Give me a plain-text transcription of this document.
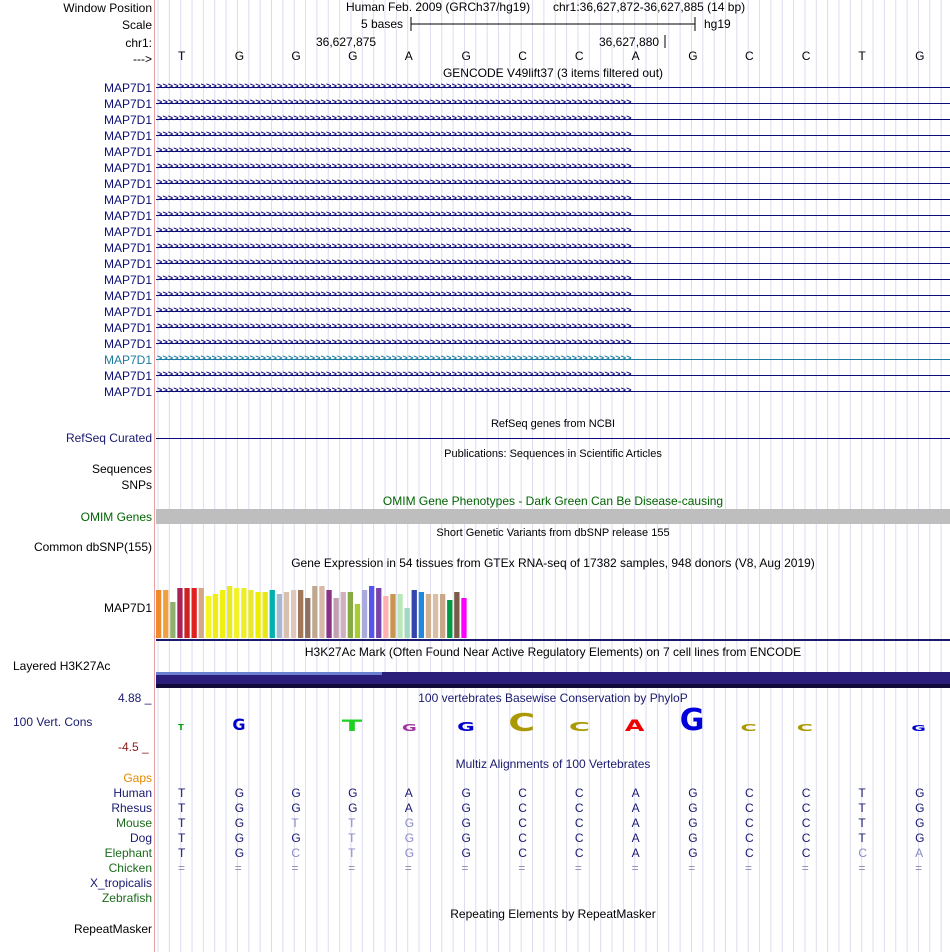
Window Position
Scale
chr1:
--->
Human Feb. 2009 (GRCh37/hg19) chr1:36,627,872-36,627,885 (14 bp)
5 bases	hg19
36,627,875	36,627,880
T	G	G	G	A	G	C	C	A	G	C	C	T	G
GENCODE V49lift37 (3 items filtered out)
MAP7D1 >>>>>>>>>>>>>>>>>>>>>>>>>>>>>>>>>>>>>>>>>>>>>>>>>>>>>>>>>>>>>>>>>>>>>>>>>>>>>>>>>>>>>>>
MAP7D1 >>>>>>>>>>>>>>>>>>>>>>>>>>>>>>>>>>>>>>>>>>>>>>>>>>>>>>>>>>>>>>>>>>>>>>>>>>>>>>>>>>>>>>>
MAP7D1 >>>>>>>>>>>>>>>>>>>>>>>>>>>>>>>>>>>>>>>>>>>>>>>>>>>>>>>>>>>>>>>>>>>>>>>>>>>>>>>>>>>>>>>
MAP7D1 >>>>>>>>>>>>>>>>>>>>>>>>>>>>>>>>>>>>>>>>>>>>>>>>>>>>>>>>>>>>>>>>>>>>>>>>>>>>>>>>>>>>>>>
MAP7D1 >>>>>>>>>>>>>>>>>>>>>>>>>>>>>>>>>>>>>>>>>>>>>>>>>>>>>>>>>>>>>>>>>>>>>>>>>>>>>>>>>>>>>>>
MAP7D1 >>>>>>>>>>>>>>>>>>>>>>>>>>>>>>>>>>>>>>>>>>>>>>>>>>>>>>>>>>>>>>>>>>>>>>>>>>>>>>>>>>>>>>>
MAP7D1 >>>>>>>>>>>>>>>>>>>>>>>>>>>>>>>>>>>>>>>>>>>>>>>>>>>>>>>>>>>>>>>>>>>>>>>>>>>>>>>>>>>>>>>
MAP7D1 >>>>>>>>>>>>>>>>>>>>>>>>>>>>>>>>>>>>>>>>>>>>>>>>>>>>>>>>>>>>>>>>>>>>>>>>>>>>>>>>>>>>>>>
MAP7D1 >>>>>>>>>>>>>>>>>>>>>>>>>>>>>>>>>>>>>>>>>>>>>>>>>>>>>>>>>>>>>>>>>>>>>>>>>>>>>>>>>>>>>>>
MAP7D1 >>>>>>>>>>>>>>>>>>>>>>>>>>>>>>>>>>>>>>>>>>>>>>>>>>>>>>>>>>>>>>>>>>>>>>>>>>>>>>>>>>>>>>>
MAP7D1 >>>>>>>>>>>>>>>>>>>>>>>>>>>>>>>>>>>>>>>>>>>>>>>>>>>>>>>>>>>>>>>>>>>>>>>>>>>>>>>>>>>>>>>
MAP7D1 >>>>>>>>>>>>>>>>>>>>>>>>>>>>>>>>>>>>>>>>>>>>>>>>>>>>>>>>>>>>>>>>>>>>>>>>>>>>>>>>>>>>>>>
MAP7D1 >>>>>>>>>>>>>>>>>>>>>>>>>>>>>>>>>>>>>>>>>>>>>>>>>>>>>>>>>>>>>>>>>>>>>>>>>>>>>>>>>>>>>>>
MAP7D1 >>>>>>>>>>>>>>>>>>>>>>>>>>>>>>>>>>>>>>>>>>>>>>>>>>>>>>>>>>>>>>>>>>>>>>>>>>>>>>>>>>>>>>>
MAP7D1 >>>>>>>>>>>>>>>>>>>>>>>>>>>>>>>>>>>>>>>>>>>>>>>>>>>>>>>>>>>>>>>>>>>>>>>>>>>>>>>>>>>>>>>
MAP7D1 >>>>>>>>>>>>>>>>>>>>>>>>>>>>>>>>>>>>>>>>>>>>>>>>>>>>>>>>>>>>>>>>>>>>>>>>>>>>>>>>>>>>>>>
MAP7D1 >>>>>>>>>>>>>>>>>>>>>>>>>>>>>>>>>>>>>>>>>>>>>>>>>>>>>>>>>>>>>>>>>>>>>>>>>>>>>>>>>>>>>>>
MAP7D1 >>>>>>>>>>>>>>>>>>>>>>>>>>>>>>>>>>>>>>>>>>>>>>>>>>>>>>>>>>>>>>>>>>>>>>>>>>>>>>>>>>>>>>>
MAP7D1 >>>>>>>>>>>>>>>>>>>>>>>>>>>>>>>>>>>>>>>>>>>>>>>>>>>>>>>>>>>>>>>>>>>>>>>>>>>>>>>>>>>>>>>
MAP7D1 >>>>>>>>>>>>>>>>>>>>>>>>>>>>>>>>>>>>>>>>>>>>>>>>>>>>>>>>>>>>>>>>>>>>>>>>>>>>>>>>>>>>>>>
RefSeq genes from NCBI
RefSeq Curated
Publications: Sequences in Scientific Articles
Sequences
SNPs
OMIM Gene Phenotypes - Dark Green Can Be Disease-causing
OMIM Genes
Short Genetic Variants from dbSNP release 155
Common dbSNP(155)
Gene Expression in 54 tissues from GTEx RNA-seq of 17382 samples, 948 donors (V8, Aug 2019)
MAP7D1
H3K27Ac Mark (Often Found Near Active Regulatory Elements) on 7 cell lines from ENCODE
Layered H3K27Ac
4.88 _
100 Vert. Cons
-4.5 _
100 vertebrates Basewise Conservation by PhyloP
T	G	T	G	G C C A G	C	C	G
Multiz Alignments of 100 Vertebrates
Gaps
Human T	G	G	G	A	G	C	C	A	G	C	C	T	G
Rhesus T	G	G	G	A	G	C	C	A	G	C	C	T	G
Mouse T	G	T	T	G	G	C	C	A	G	C	C	T	G
Dog T	G	G	T	G	G	C	C	A	G	C	C	T	G
Elephant T	G	C	T	G	G	C	C	A	G	C	C	C	A
Chicken =	=	=	=	=	=	=	=	=	=	=	=	=	=
X_tropicalis
Zebrafish
Repeating Elements by RepeatMasker
RepeatMasker
